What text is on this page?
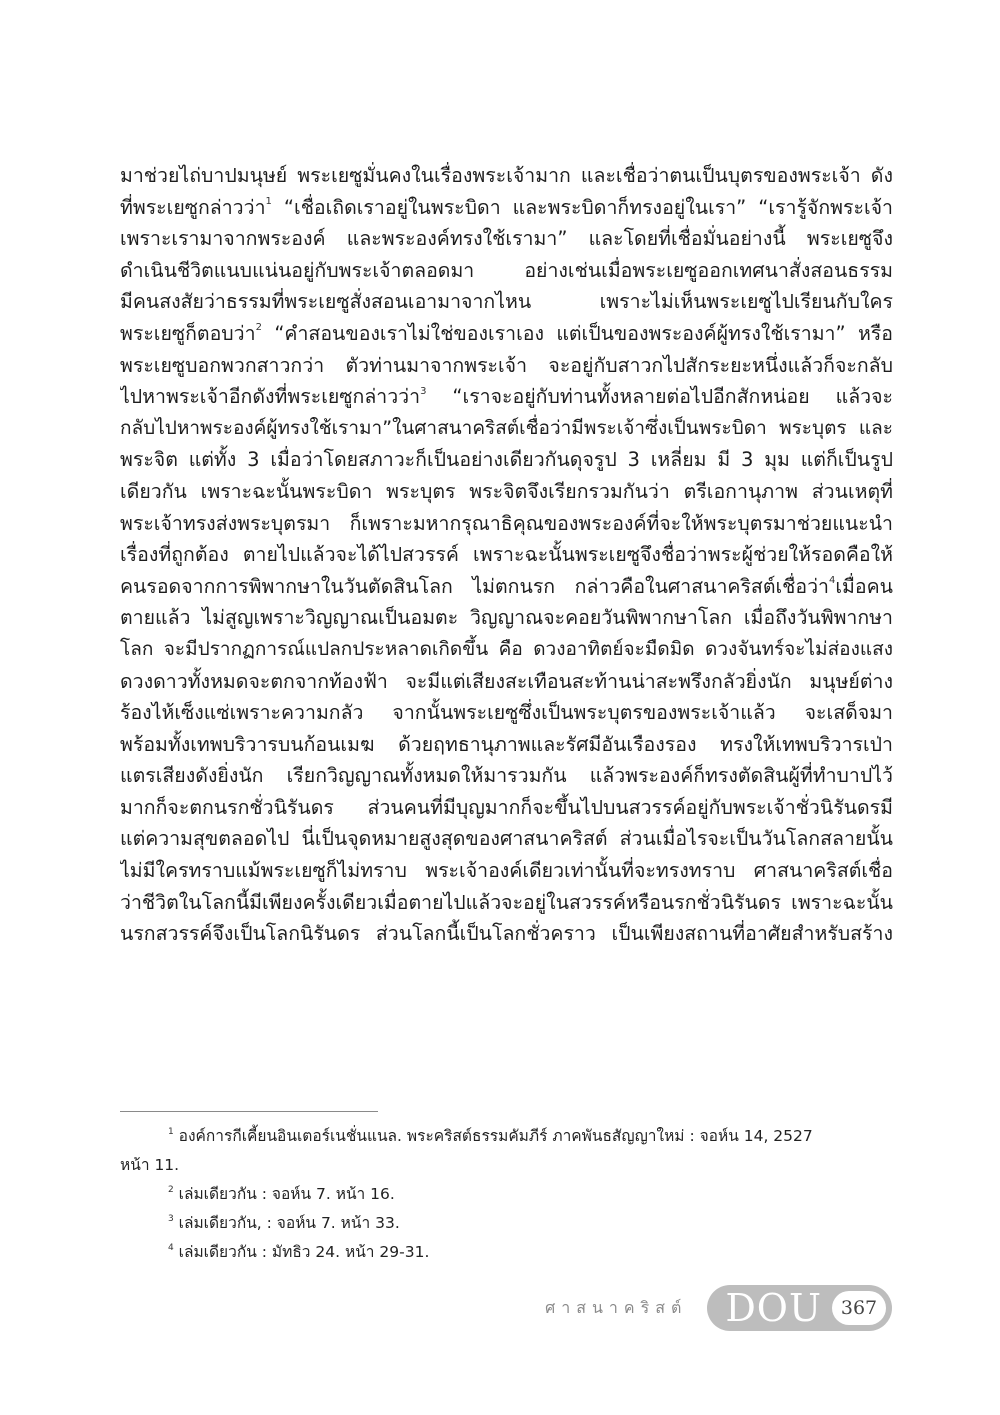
มาช่วยไถ่บาปมนุษย์ พระเยซูมั่นคงในเรื่องพระเจ้ามาก และเชื่อว่าตนเป็นบุตรของพระเจ้า ดัง
ที่พระเยซูกล่าวว่า$^1$ “เชื่อเถิดเราอยู่ในพระบิดา และพระบิดาก็ทรงอยู่ในเรา” “เรารู้จักพระเจ้า
เพราะเรามาจากพระองค์ และพระองค์ทรงใช้เรามา” และโดยที่เชื่อมั่นอย่างนี้ พระเยซูจึง
ดำเนินชีวิตแนบแน่นอยู่กับพระเจ้าตลอดมา อย่างเช่นเมื่อพระเยซูออกเทศนาสั่งสอนธรรม
มีคนสงสัยว่าธรรมที่พระเยซูสั่งสอนเอามาจากไหน เพราะไม่เห็นพระเยซูไปเรียนกับใคร
พระเยซูก็ตอบว่า$^2$ “คำสอนของเราไม่ใช่ของเราเอง แต่เป็นของพระองค์ผู้ทรงใช้เรามา” หรือ
พระเยซูบอกพวกสาวกว่า ตัวท่านมาจากพระเจ้า จะอยู่กับสาวกไปสักระยะหนึ่งแล้วก็จะกลับ
ไปหาพระเจ้าอีกดังที่พระเยซูกล่าวว่า$^3$ “เราจะอยู่กับท่านทั้งหลายต่อไปอีกสักหน่อย แล้วจะ
กลับไปหาพระองค์ผู้ทรงใช้เรามา”ในศาสนาคริสต์เชื่อว่ามีพระเจ้าซึ่งเป็นพระบิดา พระบุตร และ
พระจิต แต่ทั้ง 3 เมื่อว่าโดยสภาวะก็เป็นอย่างเดียวกันดุจรูป 3 เหลี่ยม มี 3 มุม แต่ก็เป็นรูป
เดียวกัน เพราะฉะนั้นพระบิดา พระบุตร พระจิตจึงเรียกรวมกันว่า ตรีเอกานุภาพ ส่วนเหตุที่
พระเจ้าทรงส่งพระบุตรมา ก็เพราะมหากรุณาธิคุณของพระองค์ที่จะให้พระบุตรมาช่วยแนะนำ
เรื่องที่ถูกต้อง ตายไปแล้วจะได้ไปสวรรค์ เพราะฉะนั้นพระเยซูจึงชื่อว่าพระผู้ช่วยให้รอดคือให้
คนรอดจากการพิพากษาในวันตัดสินโลก ไม่ตกนรก กล่าวคือในศาสนาคริสต์เชื่อว่า$^4$เมื่อคน
ตายแล้ว ไม่สูญเพราะวิญญาณเป็นอมตะ วิญญาณจะคอยวันพิพากษาโลก เมื่อถึงวันพิพากษา
โลก จะมีปรากฏการณ์แปลกประหลาดเกิดขึ้น คือ ดวงอาทิตย์จะมืดมิด ดวงจันทร์จะไม่ส่องแสง
ดวงดาวทั้งหมดจะตกจากท้องฟ้า จะมีแต่เสียงสะเทือนสะท้านน่าสะพรึงกลัวยิ่งนัก มนุษย์ต่าง
ร้องไห้เซ็งแซ่เพราะความกลัว จากนั้นพระเยซูซึ่งเป็นพระบุตรของพระเจ้าแล้ว จะเสด็จมา
พร้อมทั้งเทพบริวารบนก้อนเมฆ ด้วยฤทธานุภาพและรัศมีอันเรืองรอง ทรงให้เทพบริวารเป่า
แตรเสียงดังยิ่งนัก เรียกวิญญาณทั้งหมดให้มารวมกัน แล้วพระองค์ก็ทรงตัดสินผู้ที่ทำบาปไว้
มากก็จะตกนรกชั่วนิรันดร ส่วนคนที่มีบุญมากก็จะขึ้นไปบนสวรรค์อยู่กับพระเจ้าชั่วนิรันดรมี
แต่ความสุขตลอดไป นี่เป็นจุดหมายสูงสุดของศาสนาคริสต์ ส่วนเมื่อไรจะเป็นวันโลกสลายนั้น
ไม่มีใครทราบแม้พระเยซูก็ไม่ทราบ พระเจ้าองค์เดียวเท่านั้นที่จะทรงทราบ ศาสนาคริสต์เชื่อ
ว่าชีวิตในโลกนี้มีเพียงครั้งเดียวเมื่อตายไปแล้วจะอยู่ในสวรรค์หรือนรกชั่วนิรันดร เพราะฉะนั้น
นรกสวรรค์จึงเป็นโลกนิรันดร ส่วนโลกนี้เป็นโลกชั่วคราว เป็นเพียงสถานที่อาศัยสำหรับสร้าง
$^1$ องค์การกีเคี้ยนอินเตอร์เนชั่นแนล. พระคริสต์ธรรมคัมภีร์ ภาคพันธสัญญาใหม่ : จอห์น 14, 2527
หน้า 11.
$^2$ เล่มเดียวกัน : จอห์น 7. หน้า 16.
$^3$ เล่มเดียวกัน, : จอห์น 7. หน้า 33.
$^4$ เล่มเดียวกัน : มัทธิว 24. หน้า 29-31.
ศาสนาคริสต์ DOU 367
